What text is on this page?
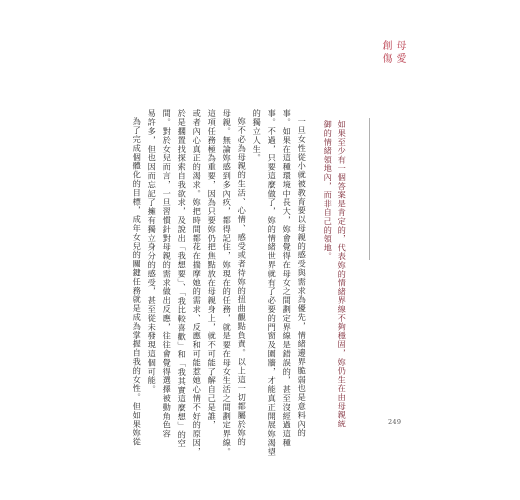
母愛
創傷
如果至少有一個答案是肯定的，代表妳的情緒界線不夠穩固，妳仍生在由母親統
御的情緒領地內，而非自己的領地。
一旦女性從小就被教育要以母親的感受與需求為優先，情緒邊界脆弱也是意料內的
事。如果在這種環境中長大，妳會覺得在母女之間劃定界線是錯誤的，甚至沒經過這種
事。不過，只要這麼做了，妳的情緒世界就有了必要的門窗及圍牆，才能真正開展妳渴望
的獨立人生。
妳不必為母親的生活、心情、感受或者待妳的扭曲觀點負責。以上這一切都屬於妳的
母親。無論妳感到多內疚，都得記住，妳現在的任務，就是要在母女生活之間劃定界線。
這項任務極為重要，因為只要妳仍把焦點放在母親身上，就不可能了解自己是誰，
或者內心真正的渴求。妳把時間都花在揣摩她的需求、反應和可能惹她心情不好的原因，
於是擱置找探索自我欲求，及說出「我想要」、「我比較喜歡」和「我其實這麼想」的空
間。對於女兒而言，一旦習慣針對母親的需求做出反應，往往會覺得選擇被動角色容
易許多，但也因而忘記了擁有獨立身分的感受，甚至從未發現這個可能。
為了完成個體化的目標，成年女兒的關鍵任務就是成為掌握自我的女性。但如果妳從	249
